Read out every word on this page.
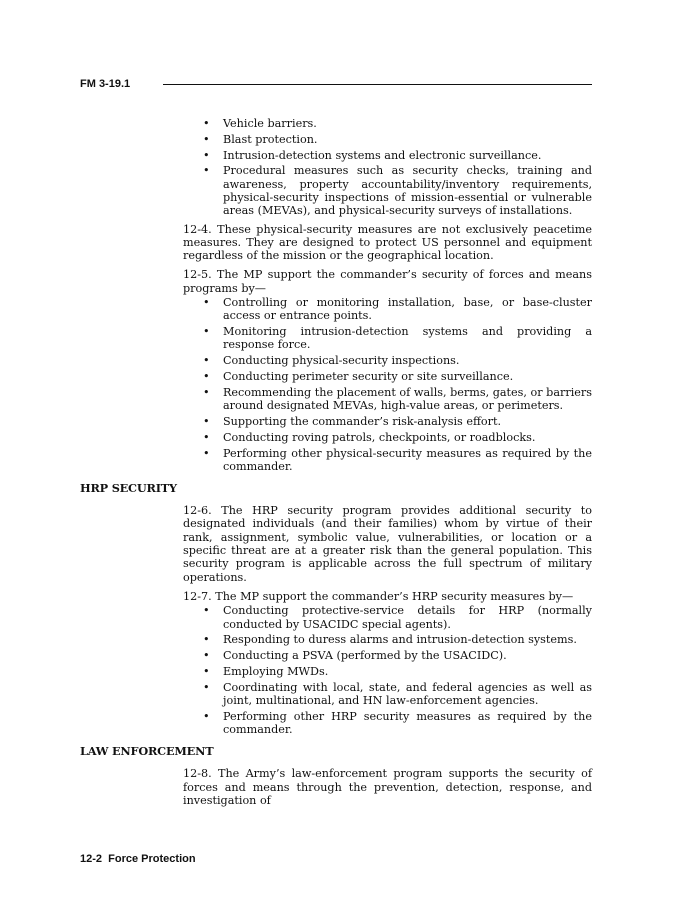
FM 3-19.1
• Vehicle barriers.
• Blast protection.
• Intrusion-detection systems and electronic surveillance.
• Procedural measures such as security checks, training and awareness, property accountability/inventory requirements, physical-security inspections of mission-essential or vulnerable areas (MEVAs), and physical-security surveys of installations.

12-4. These physical-security measures are not exclusively peacetime measures. They are designed to protect US personnel and equipment regardless of the mission or the geographical location.

12-5. The MP support the commander’s security of forces and means programs by—

• Controlling or monitoring installation, base, or base-cluster access or entrance points.
• Monitoring intrusion-detection systems and providing a response force.
• Conducting physical-security inspections.
• Conducting perimeter security or site surveillance.
• Recommending the placement of walls, berms, gates, or barriers around designated MEVAs, high-value areas, or perimeters.
• Supporting the commander’s risk-analysis effort.
• Conducting roving patrols, checkpoints, or roadblocks.
• Performing other physical-security measures as required by the commander.
HRP SECURITY

12-6. The HRP security program provides additional security to designated individuals (and their families) whom by virtue of their rank, assignment, symbolic value, vulnerabilities, or location or a specific threat are at a greater risk than the general population. This security program is applicable across the full spectrum of military operations.

12-7. The MP support the commander’s HRP security measures by—

• Conducting protective-service details for HRP (normally conducted by USACIDC special agents).
• Responding to duress alarms and intrusion-detection systems.
• Conducting a PSVA (performed by the USACIDC).
• Employing MWDs.
• Coordinating with local, state, and federal agencies as well as joint, multinational, and HN law-enforcement agencies.
• Performing other HRP security measures as required by the commander.
LAW ENFORCEMENT

12-8. The Army’s law-enforcement program supports the security of forces and means through the prevention, detection, response, and investigation of

12-2 Force Protection
